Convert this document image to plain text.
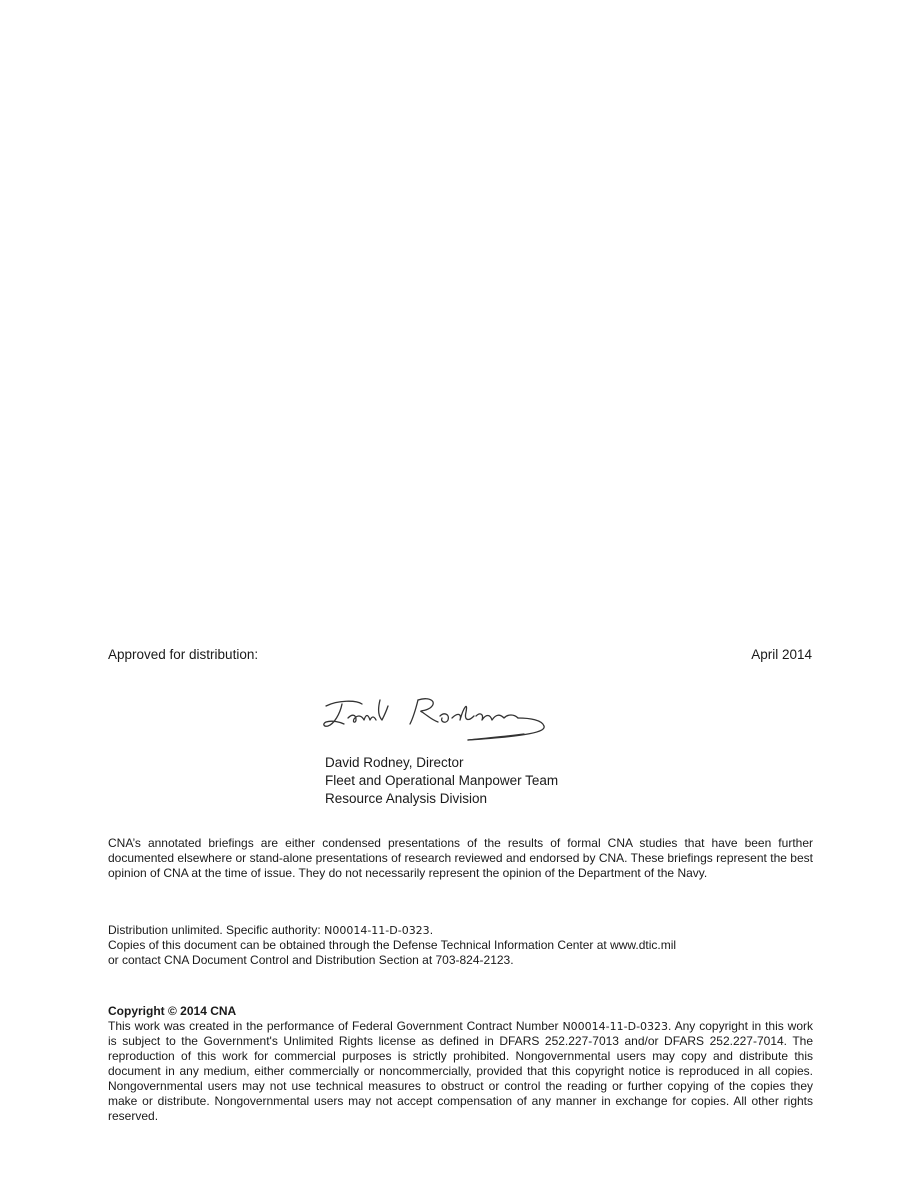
Approved for distribution:	April 2014
David Rodney, Director
Fleet and Operational Manpower Team
Resource Analysis Division
CNA’s annotated briefings are either condensed presentations of the results of formal CNA studies that have been further documented elsewhere or stand-alone presentations of research reviewed and endorsed by CNA. These briefings represent the best opinion of CNA at the time of issue. They do not necessarily represent the opinion of the Department of the Navy.
Distribution unlimited. Specific authority: N00014-11-D-0323.
Copies of this document can be obtained through the Defense Technical Information Center at www.dtic.mil
or contact CNA Document Control and Distribution Section at 703-824-2123.
Copyright © 2014 CNA
This work was created in the performance of Federal Government Contract Number N00014-11-D-0323. Any copyright in this work is subject to the Government's Unlimited Rights license as defined in DFARS 252.227-7013 and/or DFARS 252.227-7014. The reproduction of this work for commercial purposes is strictly prohibited. Nongovernmental users may copy and distribute this document in any medium, either commercially or noncommercially, provided that this copyright notice is reproduced in all copies. Nongovernmental users may not use technical measures to obstruct or control the reading or further copying of the copies they make or distribute. Nongovernmental users may not accept compensation of any manner in exchange for copies. All other rights reserved.
